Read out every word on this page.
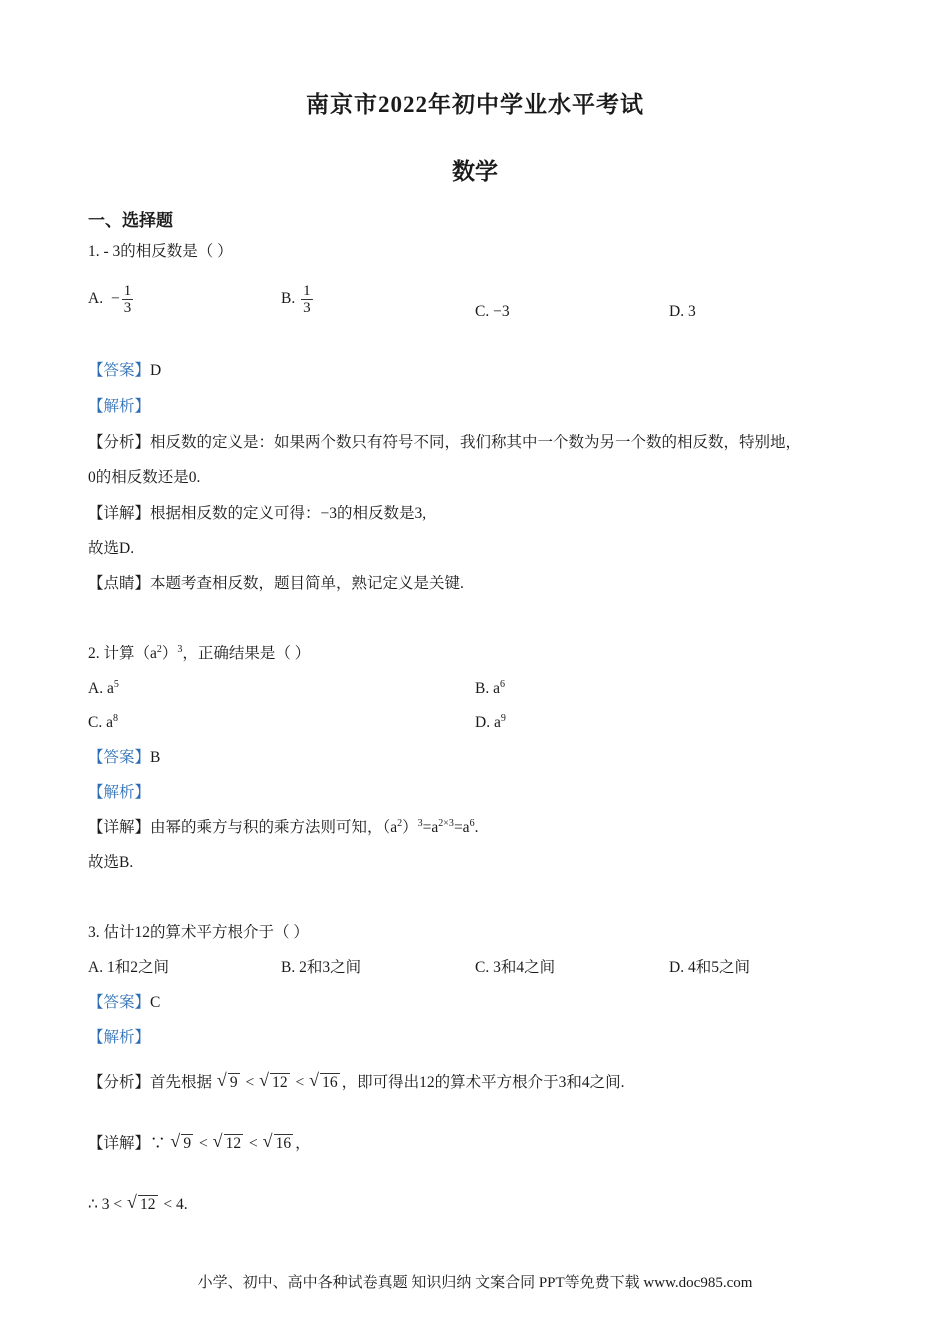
南京市2022年初中学业水平考试
数学
一、选择题
1. - 3的相反数是（ ）
A. − $\frac{1}{3}$	B. $\frac{1}{3}$	C. −3	D. 3
【答案】D
【解析】
【分析】相反数的定义是：如果两个数只有符号不同，我们称其中一个数为另一个数的相反数，特别地，
0的相反数还是0.
【详解】根据相反数的定义可得：−3的相反数是3,
故选D.
【点睛】本题考查相反数，题目简单，熟记定义是关键.
2. 计算$(a^2)^3$，正确结果是（ ）
A. $a^5$	B. $a^6$
C. $a^8$	D. $a^9$
【答案】B
【解析】
【详解】由幂的乘方与积的乘方法则可知，$(a^2)^3=a^{2\times 3}=a^6$.
故选B.
3. 估计12的算术平方根介于（ ）
A. 1和2之间	B. 2和3之间	C. 3和4之间	D. 4和5之间
【答案】C
【解析】
【分析】首先根据 √ 9 < √ 12 < √ 16 ，即可得出12的算术平方根介于3和4之间.
【详解】∵ √ 9 < √ 12 < √ 16 ，
∴ 3 < √ 12 < 4.
小学、初中、高中各种试卷真题 知识归纳 文案合同 PPT等免费下载 www.doc985.com
